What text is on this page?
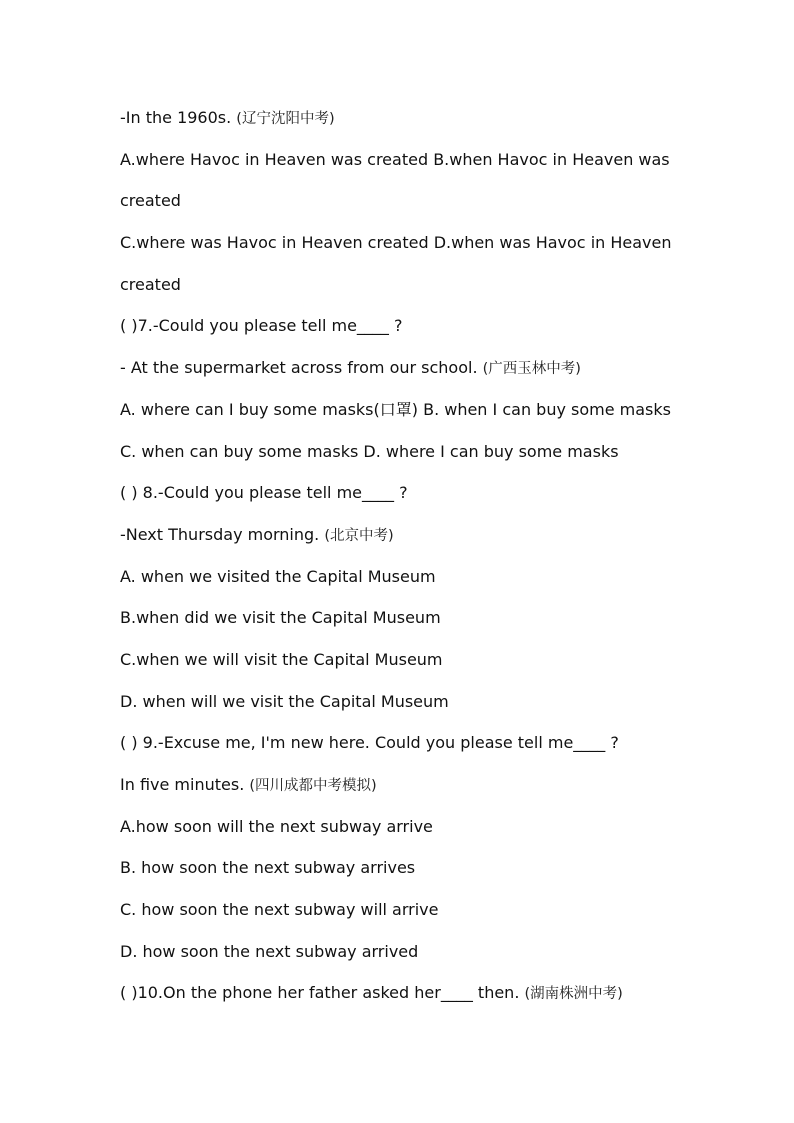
-In the 1960s. (辽宁沈阳中考)
A.where Havoc in Heaven was created B.when Havoc in Heaven was
created
C.where was Havoc in Heaven created D.when was Havoc in Heaven
created
( )7.-Could you please tell me____ ?
- At the supermarket across from our school. (广西玉林中考)
A. where can I buy some masks(口罩) B. when I can buy some masks
C. when can buy some masks D. where I can buy some masks
( ) 8.-Could you please tell me____ ?
-Next Thursday morning. (北京中考)
A. when we visited the Capital Museum
B.when did we visit the Capital Museum
C.when we will visit the Capital Museum
D. when will we visit the Capital Museum
( ) 9.-Excuse me, I'm new here. Could you please tell me____ ?
In five minutes. (四川成都中考模拟)
A.how soon will the next subway arrive
B. how soon the next subway arrives
C. how soon the next subway will arrive
D. how soon the next subway arrived
( )10.On the phone her father asked her____ then. (湖南株洲中考)
